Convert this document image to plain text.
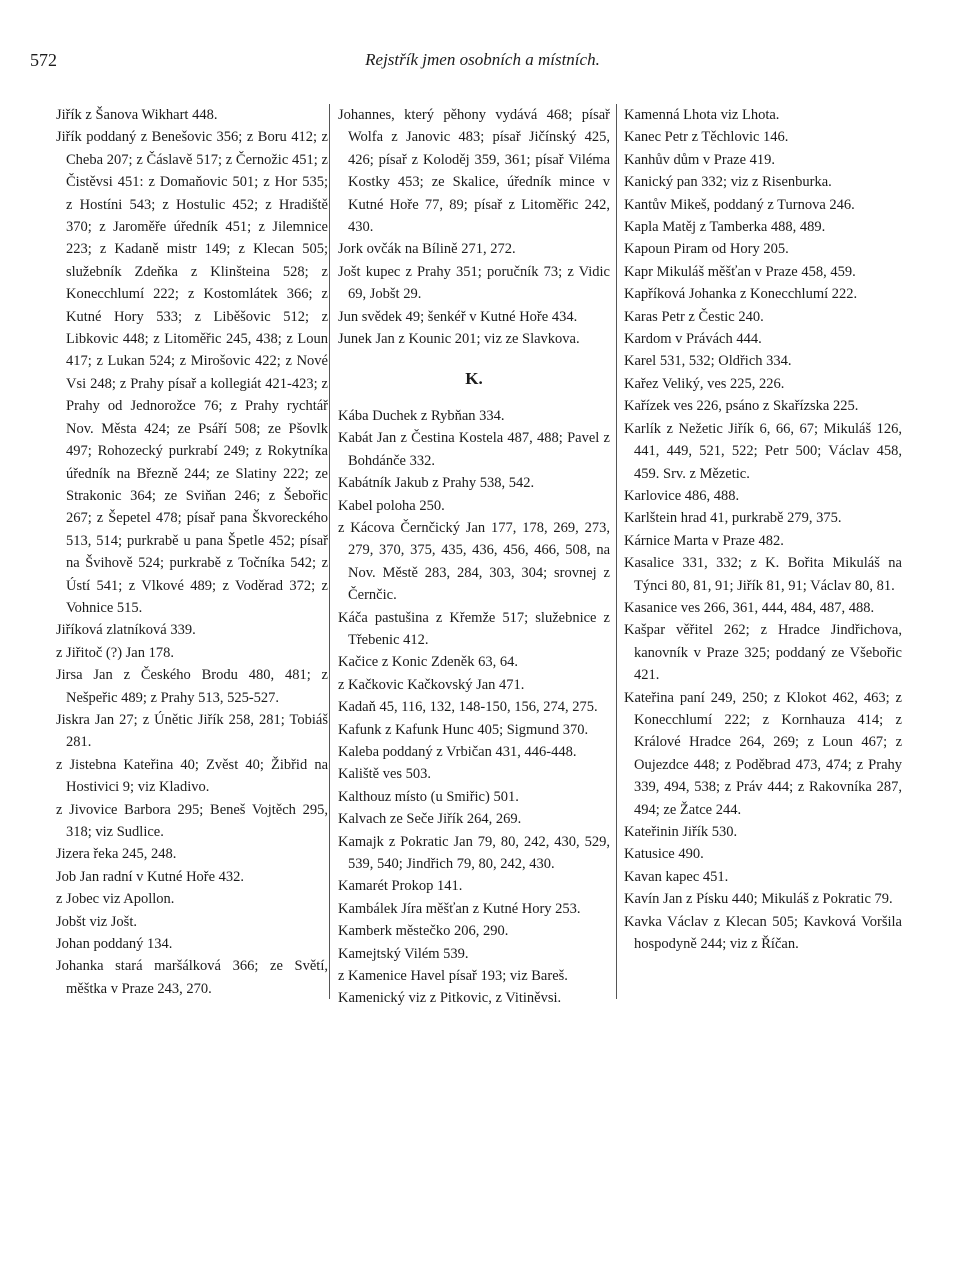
572	Rejstřík jmen osobních a místních.

Jiřík z Šanova Wikhart 448.

Jiřík poddaný z Benešovic 356; z Boru 412; z Cheba 207; z Čáslavě 517; z Černožic 451; z Čistěvsi 451: z Domaňovic 501; z Hor 535; z Hostíni 543; z Hostulic 452; z Hradiště 370; z Jaroměře úředník 451; z Jilemnice 223; z Kadaně mistr 149; z Klecan 505; služebník Zdeňka z Klinšteina 528; z Konecchlumí 222; z Kostomlátek 366; z Kutné Hory 533; z Liběšovic 512; z Libkovic 448; z Litoměřic 245, 438; z Loun 417; z Lukan 524; z Mirošovic 422; z Nové Vsi 248; z Prahy písař a kollegiát 421-423; z Prahy od Jednorožce 76; z Prahy rychtář Nov. Města 424; ze Psáří 508; ze Pšovlk 497; Rohozecký purkrabí 249; z Rokytníka úředník na Březně 244; ze Slatiny 222; ze Strakonic 364; ze Sviňan 246; z Šebořic 267; z Šepetel 478; písař pana Škvoreckého 513, 514; purkrabě u pana Špetle 452; písař na Švihově 524; purkrabě z Točníka 542; z Ústí 541; z Vlkové 489; z Voděrad 372; z Vohnice 515.

Jiříková zlatníková 339.

z Jiřitoč (?) Jan 178.

Jirsa Jan z Českého Brodu 480, 481; z Nešpeřic 489; z Prahy 513, 525-527.

Jiskra Jan 27; z Únětic Jiřík 258, 281; Tobiáš 281.

z Jistebna Kateřina 40; Zvěst 40; Žibřid na Hostivici 9; viz Kladivo.

z Jivovice Barbora 295; Beneš Vojtěch 295, 318; viz Sudlice.

Jizera řeka 245, 248.

Job Jan radní v Kutné Hoře 432.

z Jobec viz Apollon.

Jobšt viz Jošt.

Johan poddaný 134.

Johanka stará maršálková 366; ze Světí, měštka v Praze 243, 270.

Johannes, který pěhony vydává 468; písař Wolfa z Janovic 483; písař Jičínský 425, 426; písař z Koloděj 359, 361; písař Viléma Kostky 453; ze Skalice, úředník mince v Kutné Hoře 77, 89; písař z Litoměřic 242, 430.

Jork ovčák na Bílině 271, 272.

Jošt kupec z Prahy 351; poručník 73; z Vidic 69, Jobšt 29.

Jun svědek 49; šenkéř v Kutné Hoře 434.

Junek Jan z Kounic 201; viz ze Slavkova.

K.

Kába Duchek z Rybňan 334.

Kabát Jan z Čestina Kostela 487, 488; Pavel z Bohdánče 332.

Kabátník Jakub z Prahy 538, 542.

Kabel poloha 250.

z Kácova Černčický Jan 177, 178, 269, 273, 279, 370, 375, 435, 436, 456, 466, 508, na Nov. Městě 283, 284, 303, 304; srovnej z Černčic.

Káča pastušina z Křemže 517; služebnice z Třebenic 412.

Kačice z Konic Zdeněk 63, 64.

z Kačkovic Kačkovský Jan 471.

Kadaň 45, 116, 132, 148-150, 156, 274, 275.

Kafunk z Kafunk Hunc 405; Sigmund 370.

Kaleba poddaný z Vrbičan 431, 446-448.

Kaliště ves 503.

Kalthouz místo (u Smiřic) 501.

Kalvach ze Seče Jiřík 264, 269.

Kamajk z Pokratic Jan 79, 80, 242, 430, 529, 539, 540; Jindřich 79, 80, 242, 430.

Kamarét Prokop 141.

Kambálek Jíra měšťan z Kutné Hory 253.

Kamberk městečko 206, 290.

Kamejtský Vilém 539.

z Kamenice Havel písař 193; viz Bareš.

Kamenický viz z Pitkovic, z Vitiněvsi.

Kamenná Lhota viz Lhota.

Kanec Petr z Těchlovic 146.

Kanhův dům v Praze 419.

Kanický pan 332; viz z Risenburka.

Kantův Mikeš, poddaný z Turnova 246.

Kapla Matěj z Tamberka 488, 489.

Kapoun Piram od Hory 205.

Kapr Mikuláš měšťan v Praze 458, 459.

Kapříková Johanka z Konecchlumí 222.

Karas Petr z Čestic 240.

Kardom v Právách 444.

Karel 531, 532; Oldřich 334.

Kařez Veliký, ves 225, 226.

Kařízek ves 226, psáno z Skařízska 225.

Karlík z Nežetic Jiřík 6, 66, 67; Mikuláš 126, 441, 449, 521, 522; Petr 500; Václav 458, 459. Srv. z Mězetic.

Karlovice 486, 488.

Karlštein hrad 41, purkrabě 279, 375.

Kárnice Marta v Praze 482.

Kasalice 331, 332; z K. Bořita Mikuláš na Týnci 80, 81, 91; Jiřík 81, 91; Václav 80, 81.

Kasanice ves 266, 361, 444, 484, 487, 488.

Kašpar věřitel 262; z Hradce Jindřichova, kanovník v Praze 325; poddaný ze Všebořic 421.

Kateřina paní 249, 250; z Klokot 462, 463; z Konecchlumí 222; z Kornhauza 414; z Králové Hradce 264, 269; z Loun 467; z Oujezdce 448; z Poděbrad 473, 474; z Prahy 339, 494, 538; z Práv 444; z Rakovníka 287, 494; ze Žatce 244.

Kateřinin Jiřík 530.

Katusice 490.

Kavan kapec 451.

Kavín Jan z Písku 440; Mikuláš z Pokratic 79.

Kavka Václav z Klecan 505; Kavková Voršila hospodyně 244; viz z Říčan.
